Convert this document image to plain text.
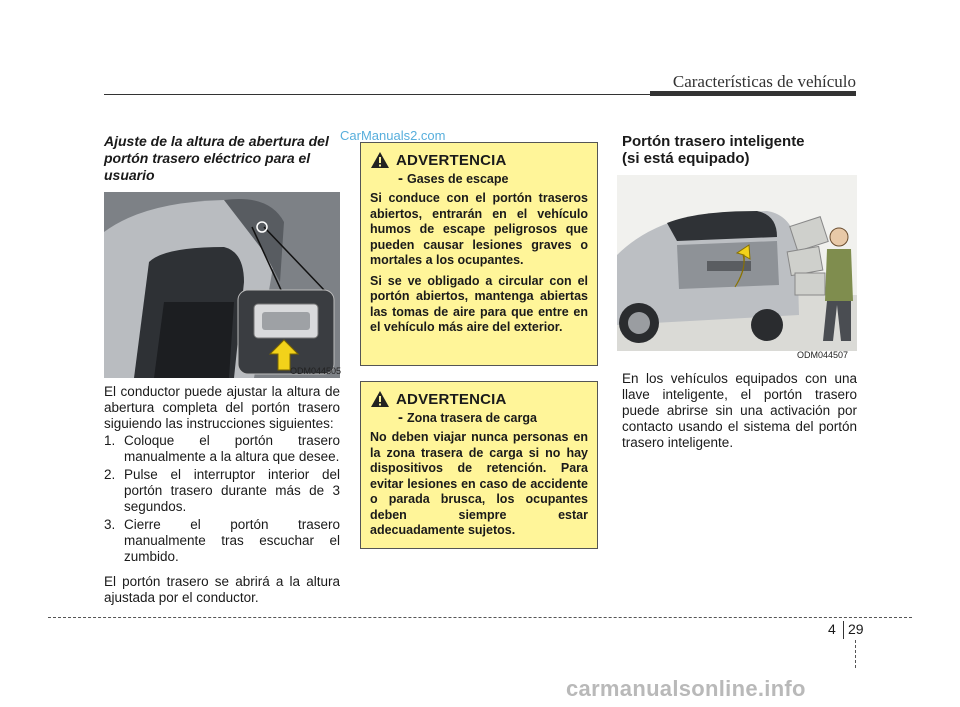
Características de vehículo
Ajuste de la altura de abertura del portón trasero eléctrico para el usuario
ODM044505
El conductor puede ajustar la altura de abertura completa del portón trasero siguiendo las instrucciones siguientes:
1. Coloque el portón trasero manualmente a la altura que desee.
2. Pulse el interruptor interior del portón trasero durante más de 3 segundos.
3. Cierre el portón trasero manualmente tras escuchar el zumbido.
El portón trasero se abrirá a la altura ajustada por el conductor.
ADVERTENCIA
- Gases de escape

Si conduce con el portón traseros abiertos, entrarán en el vehículo humos de escape peligrosos que pueden causar lesiones graves o mortales a los ocupantes.

Si se ve obligado a circular con el portón abiertos, mantenga abiertas las tomas de aire para que entre en el vehículo más aire del exterior.

ADVERTENCIA
- Zona trasera de carga

No deben viajar nunca personas en la zona trasera de carga si no hay dispositivos de retención. Para evitar lesiones en caso de accidente o parada brusca, los ocupantes deben siempre estar adecuadamente sujetos.

CarManuals2.com	Portón trasero inteligente
(si está equipado)
ODM044507
En los vehículos equipados con una llave inteligente, el portón trasero puede abrirse sin una activación por contacto usando el sistema del portón trasero inteligente.
4 29
carmanualsonline.info
